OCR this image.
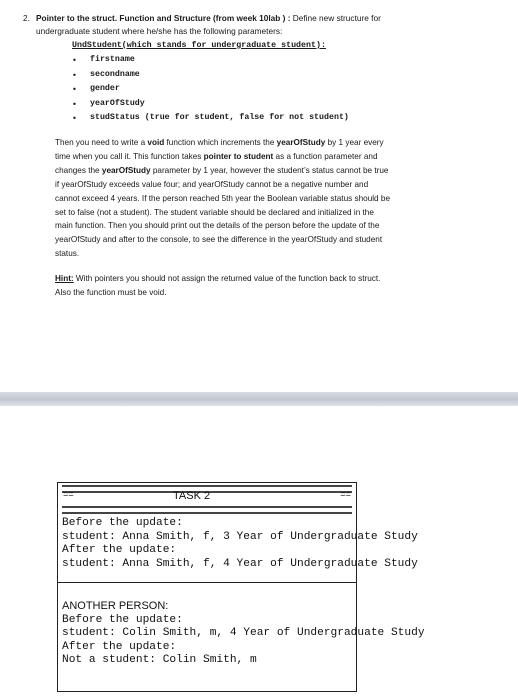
2. Pointer to the struct. Function and Structure (from week 10lab ) : Define new structure for
undergraduate student where he/she has the following parameters:
UndStudent(which stands for undergraduate student):
• firstname
• secondname
• gender
• yearOfStudy
• studStatus (true for student, false for not student)
Then you need to write a void function which increments the yearOfStudy by 1 year every
time when you call it. This function takes pointer to student as a function parameter and
changes the yearOfStudy parameter by 1 year, however the student’s status cannot be true
if yearOfStudy exceeds value four; and yearOfStudy cannot be a negative number and
cannot exceed 4 years. If the person reached 5th year the Boolean variable status should be
set to false (not a student). The student variable should be declared and initialized in the
main function. Then you should print out the details of the person before the update of the
yearOfStudy and after to the console, to see the difference in the yearOfStudy and student
status.
Hint: With pointers you should not assign the returned value of the function back to struct.
Also the function must be void.
==	TASK 2	==
Before the update:
student: Anna Smith, f, 3 Year of Undergraduate Study
After the update:
student: Anna Smith, f, 4 Year of Undergraduate Study
ANOTHER PERSON:
Before the update:
student: Colin Smith, m, 4 Year of Undergraduate Study
After the update:
Not a student: Colin Smith, m
